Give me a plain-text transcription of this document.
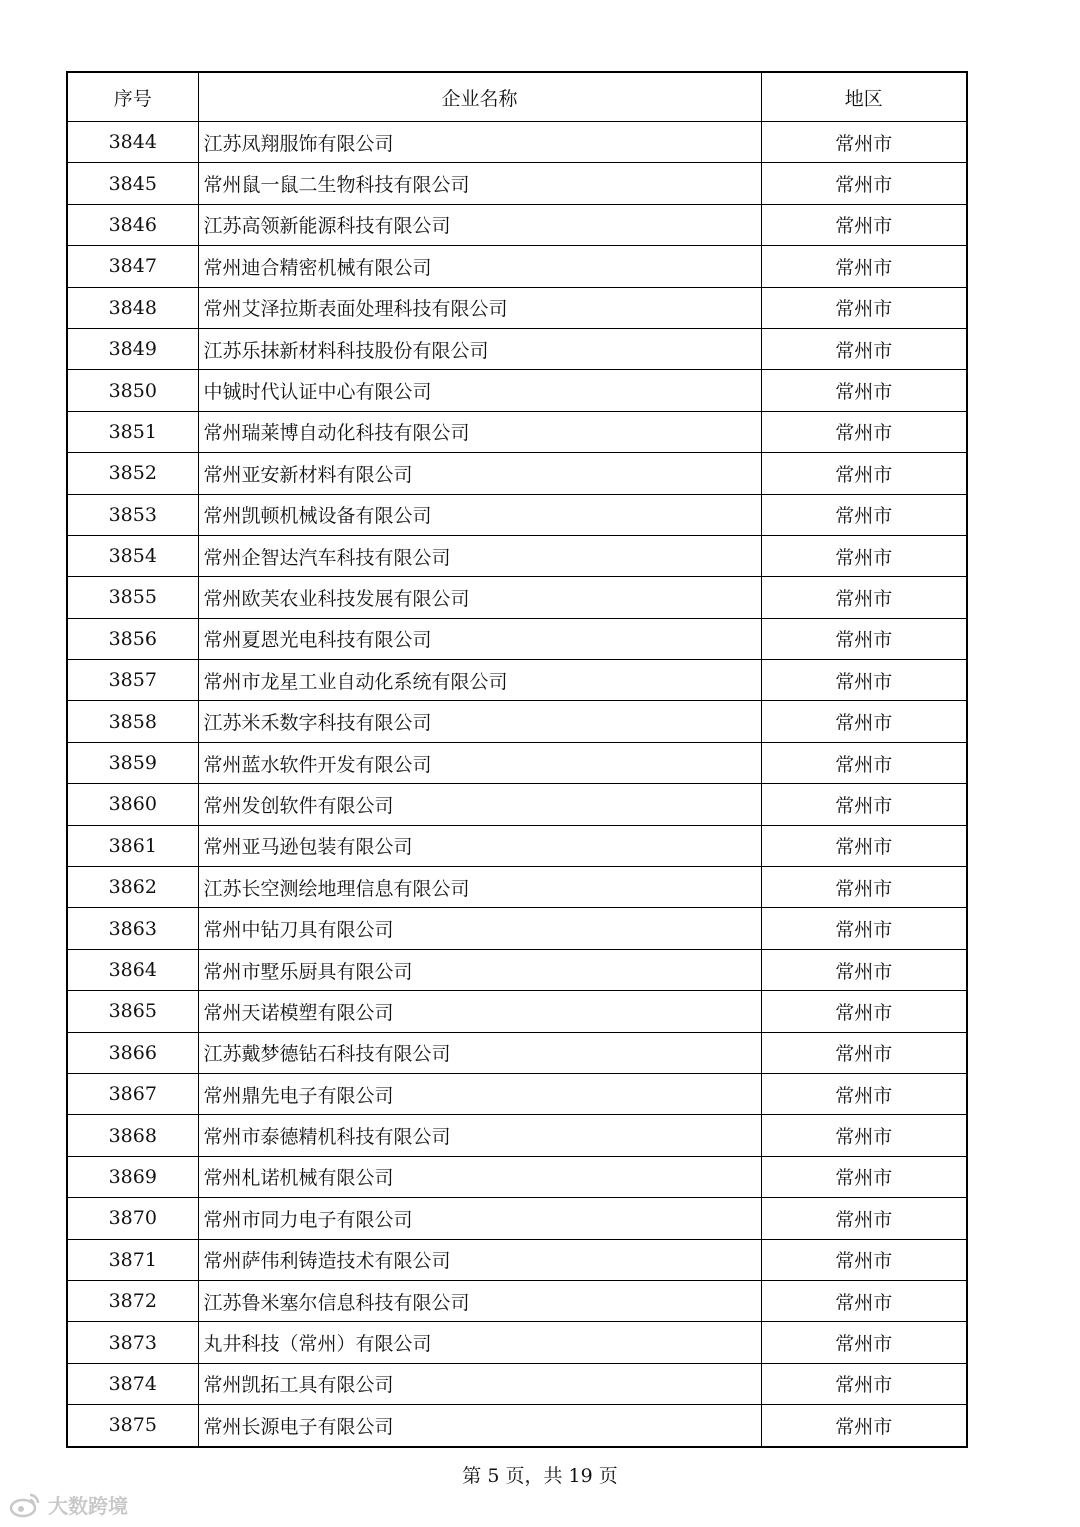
序号	企业名称	地区
3844	江苏凤翔服饰有限公司	常州市
3845	常州鼠一鼠二生物科技有限公司	常州市
3846	江苏高领新能源科技有限公司	常州市
3847	常州迪合精密机械有限公司	常州市
3848	常州艾泽拉斯表面处理科技有限公司	常州市
3849	江苏乐抹新材料科技股份有限公司	常州市
3850	中铖时代认证中心有限公司	常州市
3851	常州瑞莱博自动化科技有限公司	常州市
3852	常州亚安新材料有限公司	常州市
3853	常州凯顿机械设备有限公司	常州市
3854	常州企智达汽车科技有限公司	常州市
3855	常州欧芙农业科技发展有限公司	常州市
3856	常州夏恩光电科技有限公司	常州市
3857	常州市龙星工业自动化系统有限公司	常州市
3858	江苏米禾数字科技有限公司	常州市
3859	常州蓝水软件开发有限公司	常州市
3860	常州发创软件有限公司	常州市
3861	常州亚马逊包装有限公司	常州市
3862	江苏长空测绘地理信息有限公司	常州市
3863	常州中钻刀具有限公司	常州市
3864	常州市墅乐厨具有限公司	常州市
3865	常州天诺模塑有限公司	常州市
3866	江苏戴梦德钻石科技有限公司	常州市
3867	常州鼎先电子有限公司	常州市
3868	常州市泰德精机科技有限公司	常州市
3869	常州札诺机械有限公司	常州市
3870	常州市同力电子有限公司	常州市
3871	常州萨伟利铸造技术有限公司	常州市
3872	江苏鲁米塞尔信息科技有限公司	常州市
3873	丸井科技（常州）有限公司	常州市
3874	常州凯拓工具有限公司	常州市
3875	常州长源电子有限公司	常州市
第 5 页，共 19 页
大数跨境
